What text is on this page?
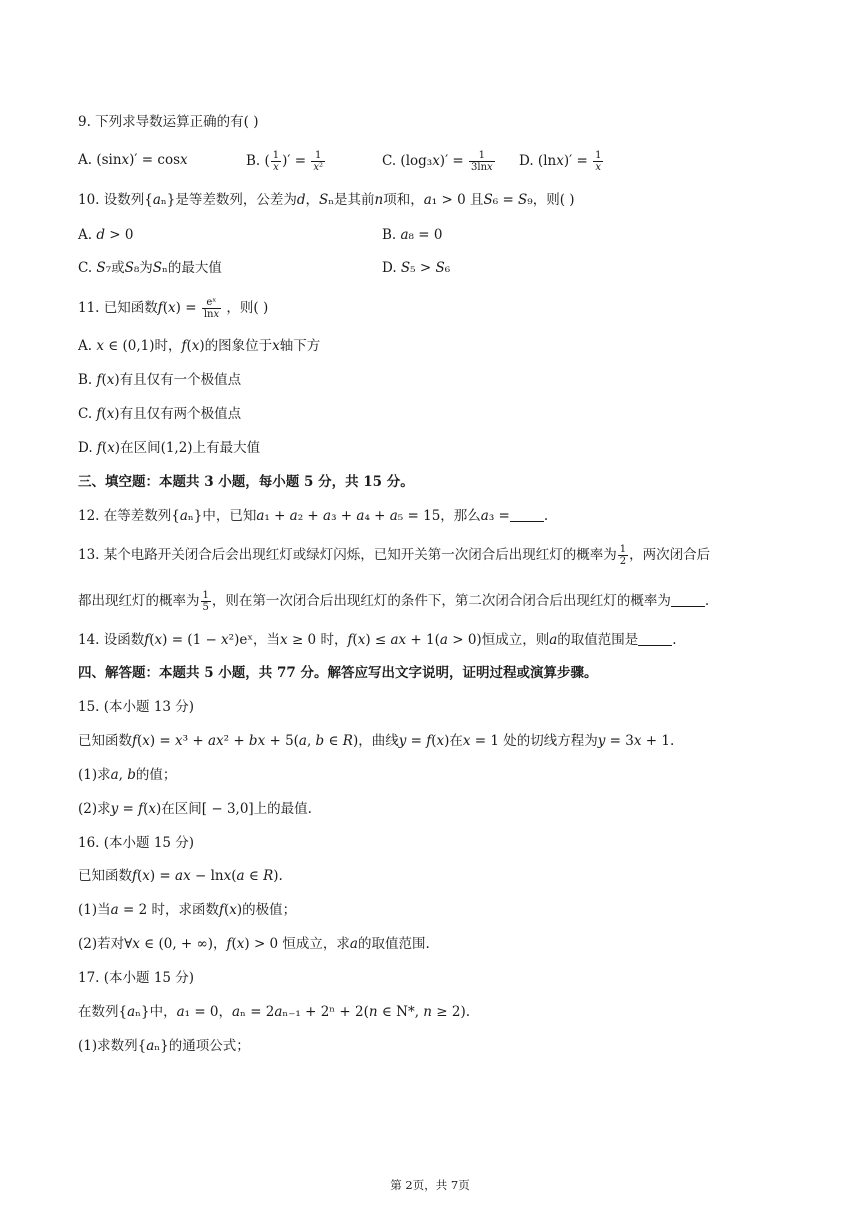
9. 下列求导数运算正确的有( )
A. (sin𝑥)′ = cos𝑥	B. ( $\frac{1}{\text{𝑥}}$ )′ = $\frac{1}{\text{𝑥²}}$	C. (log₃𝑥)′ = $\frac{1}{\text{3ln𝑥}} D$. (ln𝑥)′ = $\frac{1}{\text{𝑥}}$
10. 设数列{𝑎ₙ}是等差数列，公差为𝑑，𝑆ₙ是其前𝑛项和，𝑎₁ > 0 且𝑆₆ = 𝑆₉，则( )
A. 𝑑 > 0	B. 𝑎₈ = 0
C. 𝑆₇或𝑆₈为𝑆ₙ的最大值	D. 𝑆₅ > 𝑆₆
11. 已知函数𝑓(𝑥) = $\frac{\text{eˣ}}{\text{ln𝑥}}$ ，则( )
A. 𝑥 ∈ (0,1)时，𝑓(𝑥)的图象位于𝑥轴下方
B. 𝑓(𝑥)有且仅有一个极值点
C. 𝑓(𝑥)有且仅有两个极值点
D. 𝑓(𝑥)在区间(1,2)上有最大值
三、填空题：本题共 3 小题，每小题 5 分，共 15 分。
12. 在等差数列{𝑎ₙ}中，已知𝑎₁ + 𝑎₂ + 𝑎₃ + 𝑎₄ + 𝑎₅ = 15，那么𝑎₃ =	.
13. 某个电路开关闭合后会出现红灯或绿灯闪烁，已知开关第一次闭合后出现红灯的概率为 $\frac{1}{2}$ ，两次闭合后
都出现红灯的概率为 $\frac{1}{5}$ ，则在第一次闭合后出现红灯的条件下，第二次闭合闭合后出现红灯的概率为	.
14. 设函数𝑓(𝑥) = (1 − 𝑥²)eˣ，当𝑥 ≥ 0 时，𝑓(𝑥) ≤ 𝑎𝑥 + 1(𝑎 > 0)恒成立，则𝑎的取值范围是	.
四、解答题：本题共 5 小题，共 77 分。解答应写出文字说明，证明过程或演算步骤。
15. (本小题 13 分)
已知函数𝑓(𝑥) = 𝑥³ + 𝑎𝑥² + 𝑏𝑥 + 5(𝑎, 𝑏 ∈ 𝑅)，曲线𝑦 = 𝑓(𝑥)在𝑥 = 1 处的切线方程为𝑦 = 3𝑥 + 1.
(1)求𝑎, 𝑏的值；
(2)求𝑦 = 𝑓(𝑥)在区间[ − 3,0]上的最值.
16. (本小题 15 分)
已知函数𝑓(𝑥) = 𝑎𝑥 − ln𝑥(𝑎 ∈ 𝑅).
(1)当𝑎 = 2 时，求函数𝑓(𝑥)的极值；
(2)若对∀𝑥 ∈ (0, + ∞)，𝑓(𝑥) > 0 恒成立，求𝑎的取值范围.
17. (本小题 15 分)
在数列{𝑎ₙ}中，𝑎₁ = 0，𝑎ₙ = 2𝑎ₙ₋₁ + 2ⁿ + 2(𝑛 ∈ N*, 𝑛 ≥ 2).
(1)求数列{𝑎ₙ}的通项公式；
第 2页，共 7页
